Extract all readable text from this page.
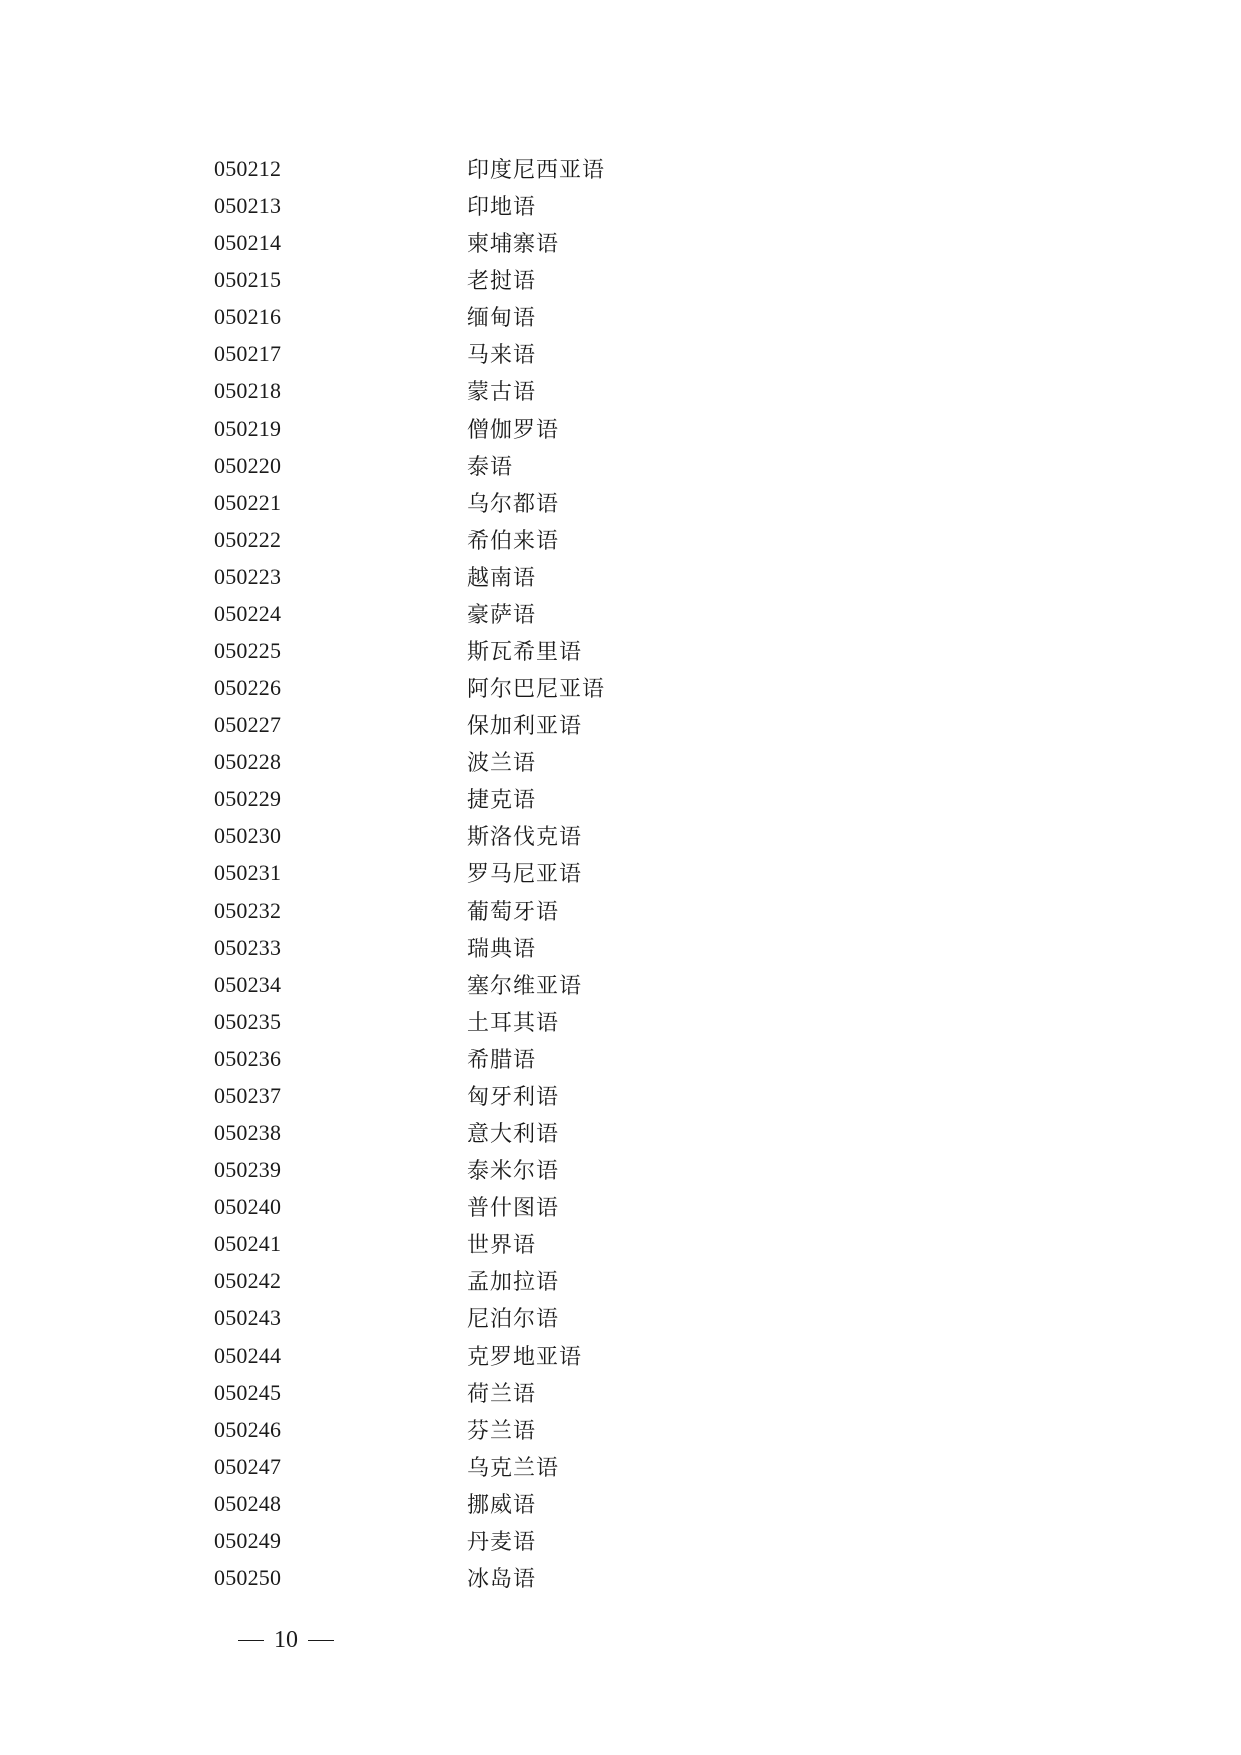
050212	印度尼西亚语
050213	印地语
050214	柬埔寨语
050215	老挝语
050216	缅甸语
050217	马来语
050218	蒙古语
050219	僧伽罗语
050220	泰语
050221	乌尔都语
050222	希伯来语
050223	越南语
050224	豪萨语
050225	斯瓦希里语
050226	阿尔巴尼亚语
050227	保加利亚语
050228	波兰语
050229	捷克语
050230	斯洛伐克语
050231	罗马尼亚语
050232	葡萄牙语
050233	瑞典语
050234	塞尔维亚语
050235	土耳其语
050236	希腊语
050237	匈牙利语
050238	意大利语
050239	泰米尔语
050240	普什图语
050241	世界语
050242	孟加拉语
050243	尼泊尔语
050244	克罗地亚语
050245	荷兰语
050246	芬兰语
050247	乌克兰语
050248	挪威语
050249	丹麦语
050250	冰岛语
10
